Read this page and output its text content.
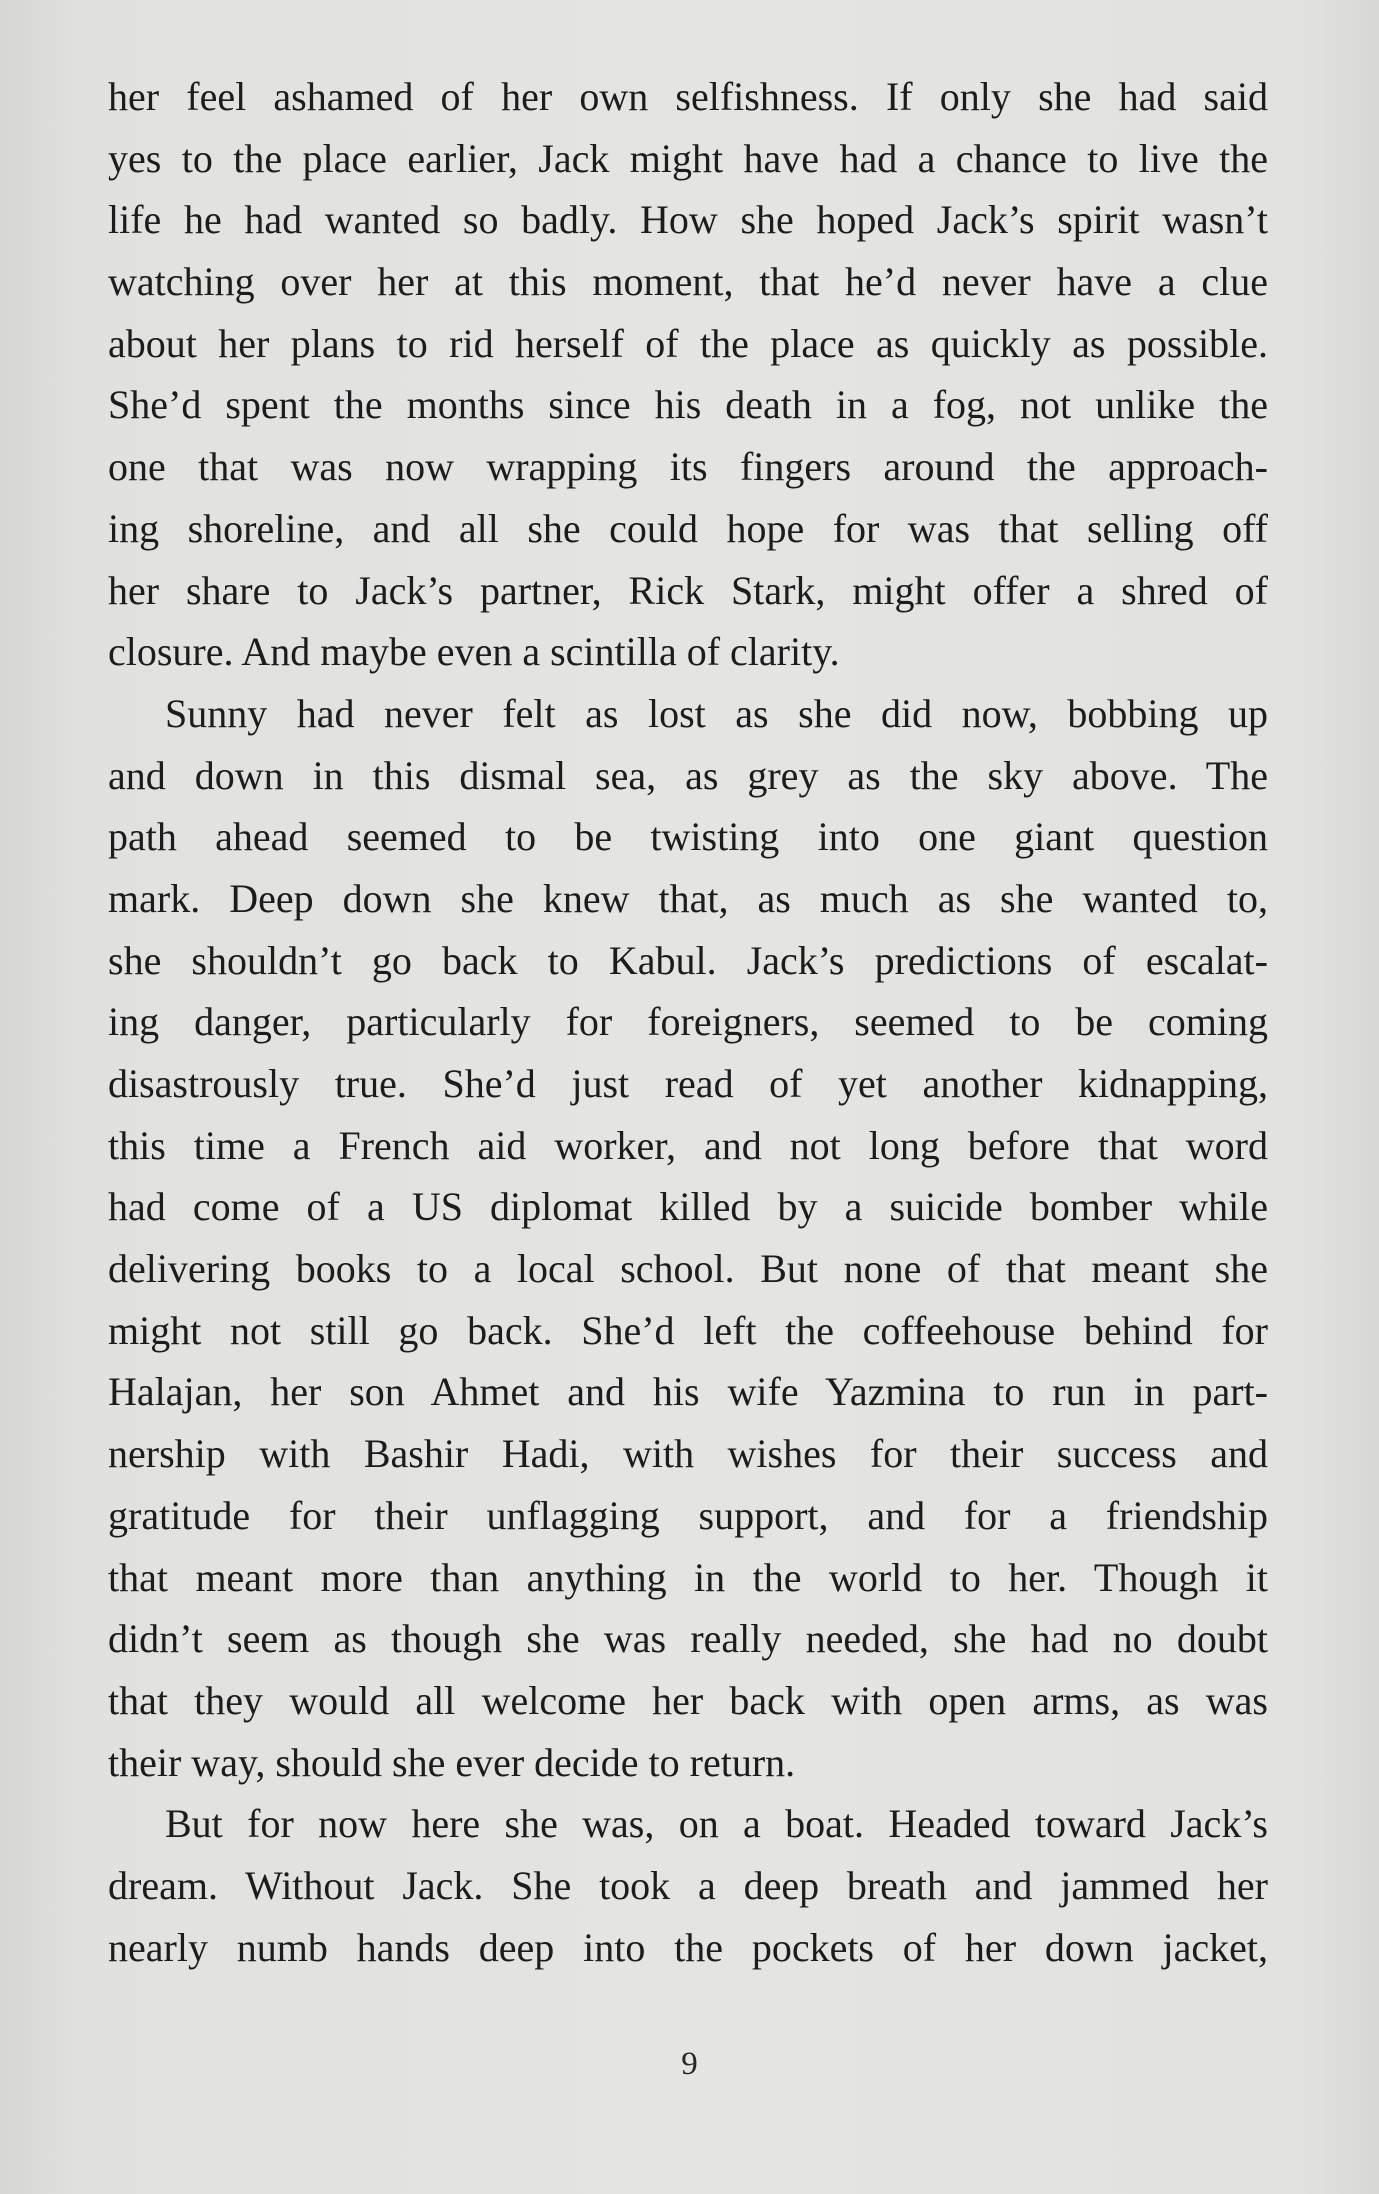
her feel ashamed of her own selfishness. If only she had said
yes to the place earlier, Jack might have had a chance to live the
life he had wanted so badly. How she hoped Jack’s spirit wasn’t
watching over her at this moment, that he’d never have a clue
about her plans to rid herself of the place as quickly as possible.
She’d spent the months since his death in a fog, not unlike the
one that was now wrapping its fingers around the approach-
ing shoreline, and all she could hope for was that selling off
her share to Jack’s partner, Rick Stark, might offer a shred of
closure. And maybe even a scintilla of clarity.
Sunny had never felt as lost as she did now, bobbing up
and down in this dismal sea, as grey as the sky above. The
path ahead seemed to be twisting into one giant question
mark. Deep down she knew that, as much as she wanted to,
she shouldn’t go back to Kabul. Jack’s predictions of escalat-
ing danger, particularly for foreigners, seemed to be coming
disastrously true. She’d just read of yet another kidnapping,
this time a French aid worker, and not long before that word
had come of a US diplomat killed by a suicide bomber while
delivering books to a local school. But none of that meant she
might not still go back. She’d left the coffeehouse behind for
Halajan, her son Ahmet and his wife Yazmina to run in part-
nership with Bashir Hadi, with wishes for their success and
gratitude for their unflagging support, and for a friendship
that meant more than anything in the world to her. Though it
didn’t seem as though she was really needed, she had no doubt
that they would all welcome her back with open arms, as was
their way, should she ever decide to return.
But for now here she was, on a boat. Headed toward Jack’s
dream. Without Jack. She took a deep breath and jammed her
nearly numb hands deep into the pockets of her down jacket,
9
